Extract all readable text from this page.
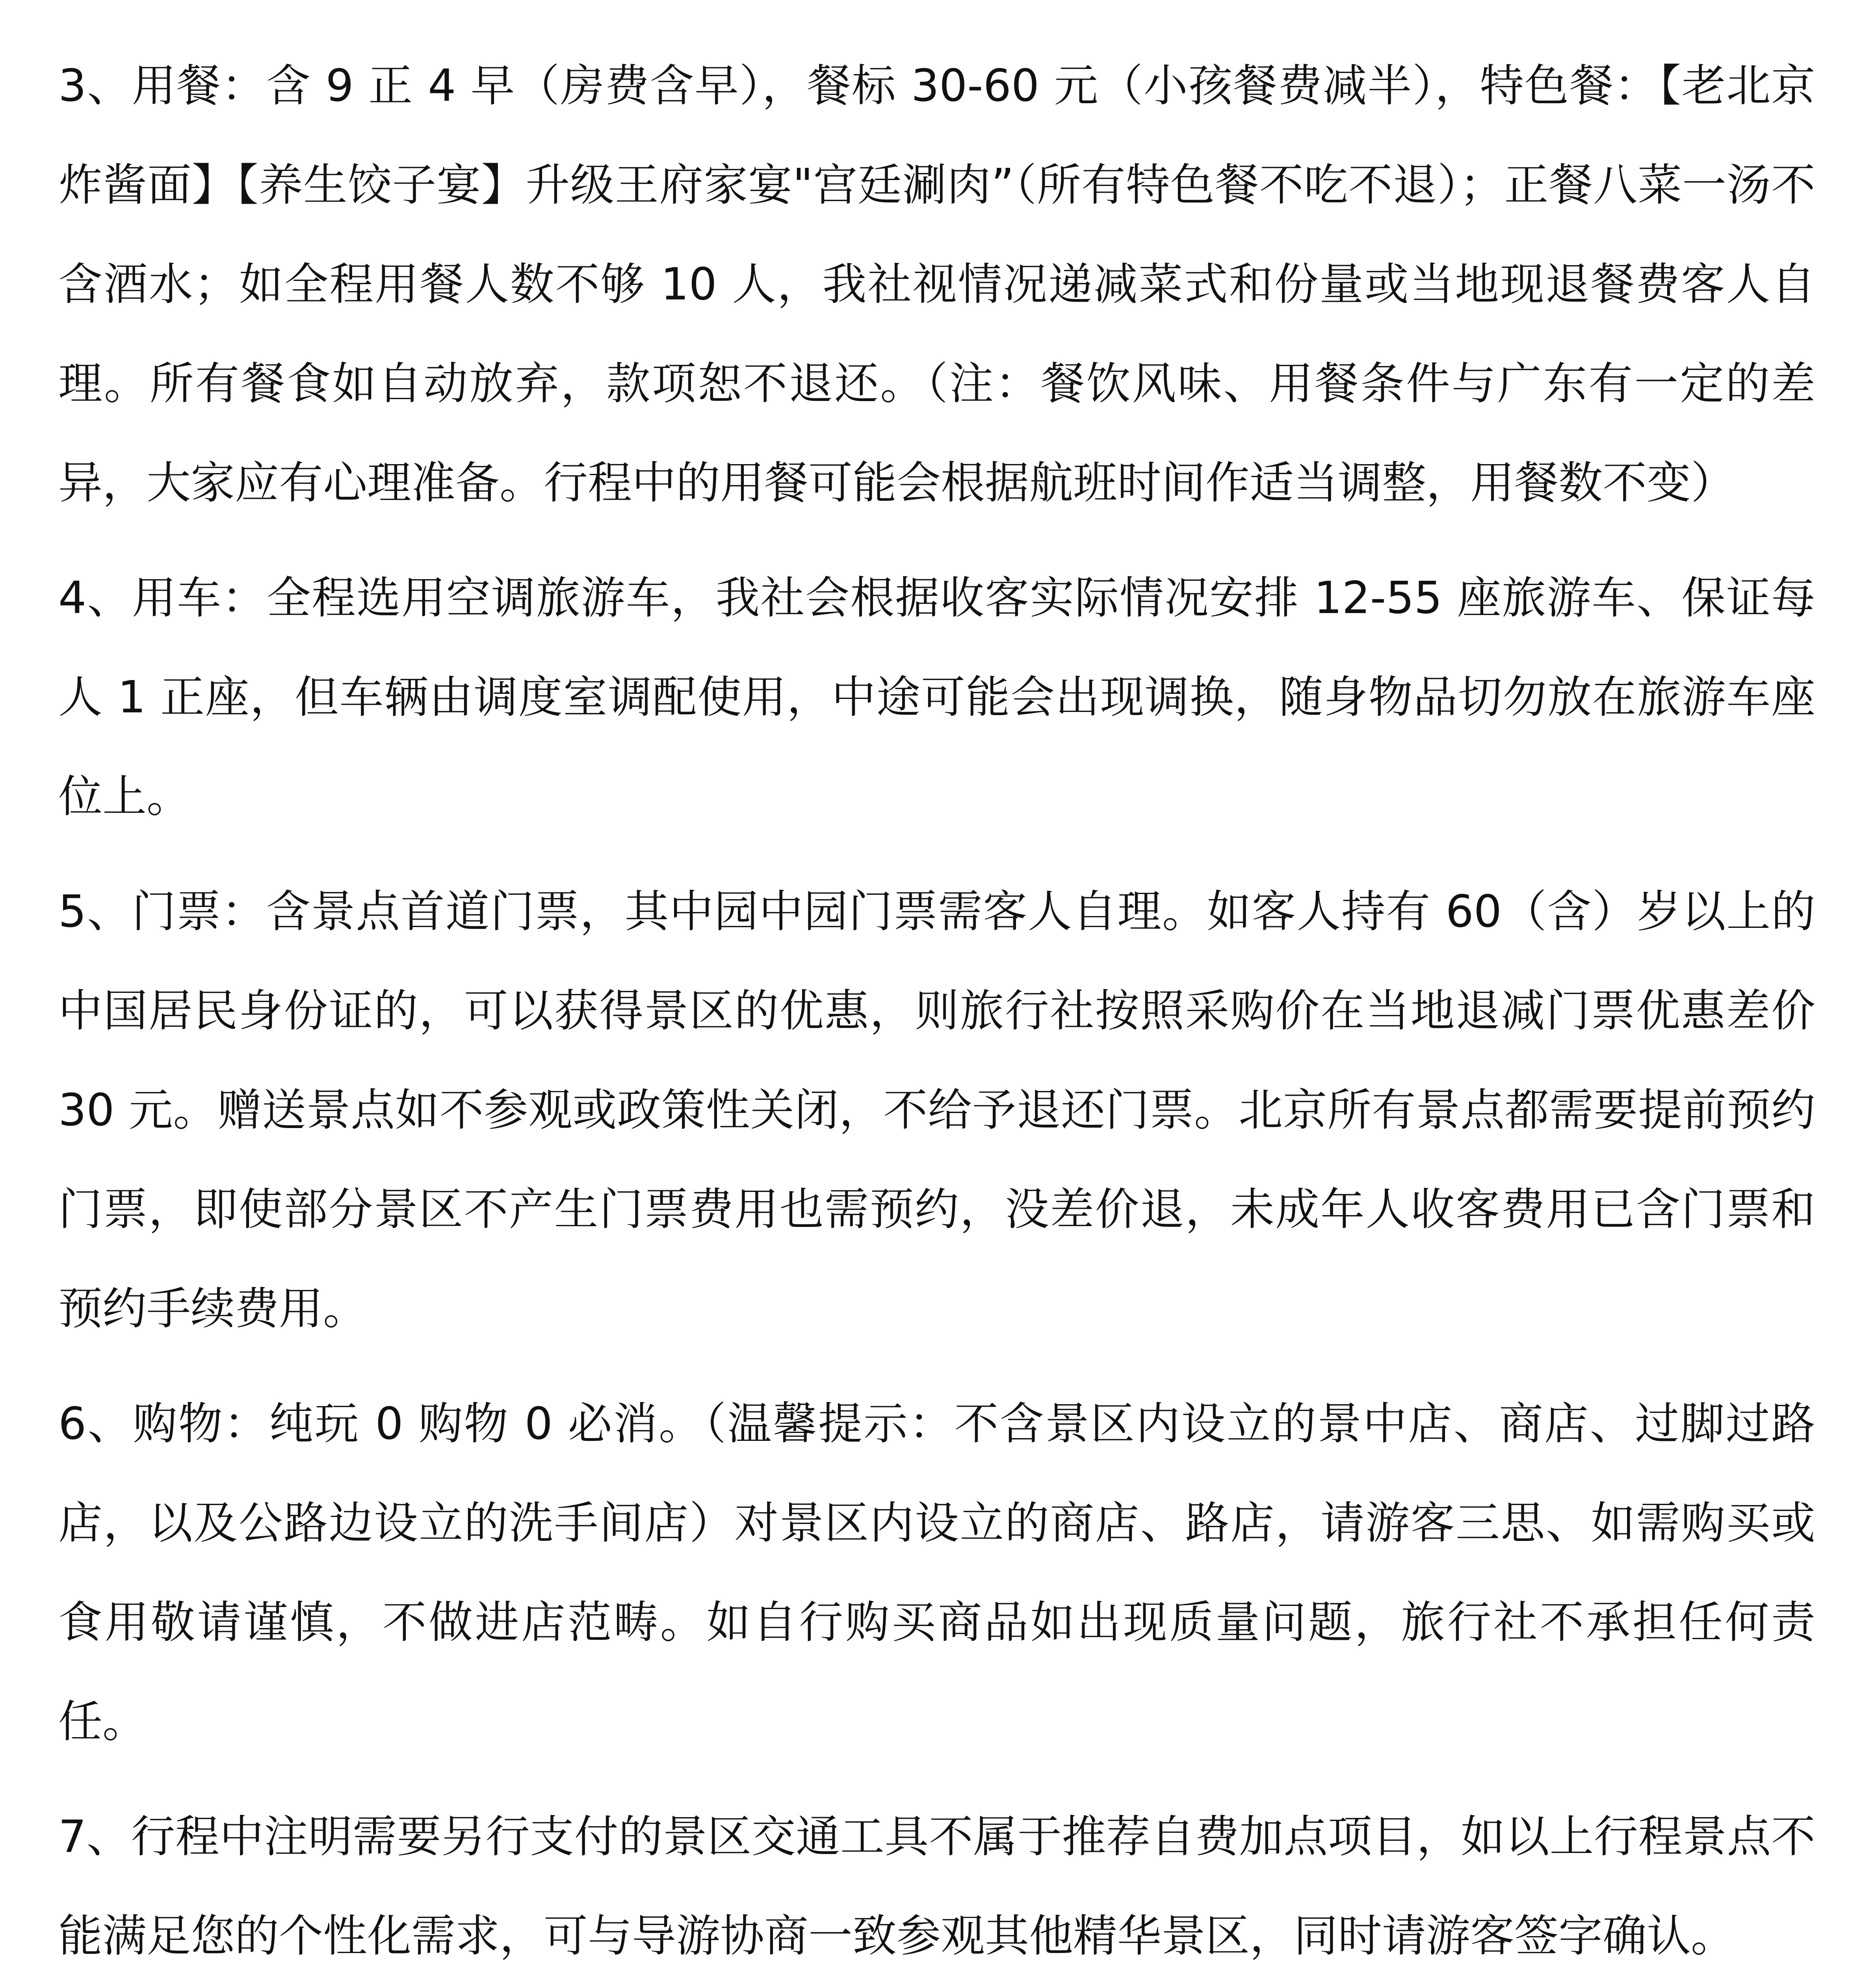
3、用餐：含 9 正 4 早（房费含早），餐标 30-60 元（小孩餐费减半），特色餐：【老北京炸酱面】【养生饺子宴】升级王府家宴"宫廷涮肉”（所有特色餐不吃不退）；正餐八菜一汤不含酒水；如全程用餐人数不够 10 人，我社视情况递减菜式和份量或当地现退餐费客人自理。所有餐食如自动放弃，款项恕不退还。（注：餐饮风味、用餐条件与广东有一定的差异，大家应有心理准备。行程中的用餐可能会根据航班时间作适当调整，用餐数不变）

4、用车：全程选用空调旅游车，我社会根据收客实际情况安排 12-55 座旅游车、保证每人 1 正座，但车辆由调度室调配使用，中途可能会出现调换，随身物品切勿放在旅游车座位上。

5、门票：含景点首道门票，其中园中园门票需客人自理。如客人持有 60（含）岁以上的中国居民身份证的，可以获得景区的优惠，则旅行社按照采购价在当地退减门票优惠差价 30 元。赠送景点如不参观或政策性关闭，不给予退还门票。北京所有景点都需要提前预约门票，即使部分景区不产生门票费用也需预约，没差价退，未成年人收客费用已含门票和预约手续费用。

6、购物：纯玩 0 购物 0 必消。（温馨提示：不含景区内设立的景中店、商店、过脚过路店，以及公路边设立的洗手间店）对景区内设立的商店、路店，请游客三思、如需购买或食用敬请谨慎，不做进店范畴。如自行购买商品如出现质量问题，旅行社不承担任何责任。

7、行程中注明需要另行支付的景区交通工具不属于推荐自费加点项目，如以上行程景点不能满足您的个性化需求，可与导游协商一致参观其他精华景区，同时请游客签字确认。
